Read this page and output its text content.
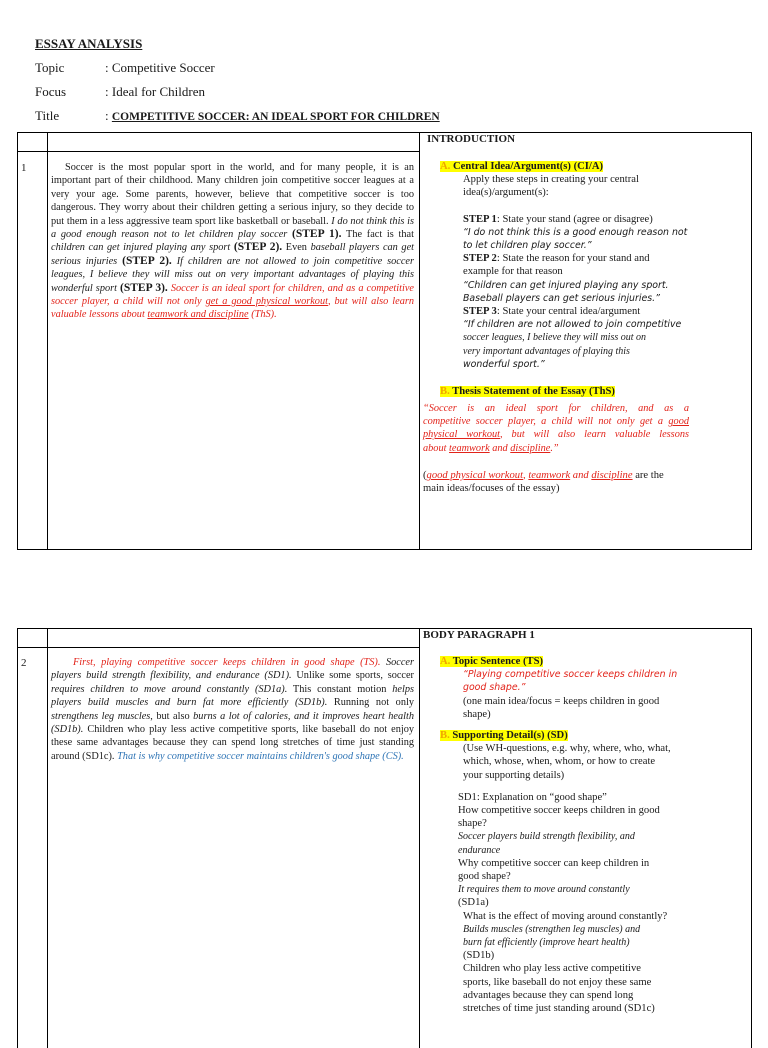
ESSAY ANALYSIS
Topic	: Competitive Soccer
Focus	: Ideal for Children
Title	: COMPETITIVE SOCCER: AN IDEAL SPORT FOR CHILDREN
INTRODUCTION
1	Soccer is the most popular sport in the world, and for many people, it is an important part of their childhood. Many children join competitive soccer leagues at a very your age. Some parents, however, believe that competitive soccer is too dangerous. They worry about their children getting a serious injury, so they decide to put them in a less aggressive team sport like basketball or baseball. I do not think this is a good enough reason not to let children play soccer (STEP 1). The fact is that children can get injured playing any sport (STEP 2). Even baseball players can get serious injuries (STEP 2). If children are not allowed to join competitive soccer leagues, I believe they will miss out on very important advantages of playing this wonderful sport (STEP 3). Soccer is an ideal sport for children, and as a competitive soccer player, a child will not only get a good physical workout, but will also learn valuable lessons about teamwork and discipline (ThS).

A. Central Idea/Argument(s) (CI/A)
Apply these steps in creating your central
idea(s)/argument(s):
STEP 1: State your stand (agree or disagree)
“I do not think this is a good enough reason not
to let children play soccer.”
STEP 2: State the reason for your stand and
example for that reason
“Children can get injured playing any sport.
Baseball players can get serious injuries.”
STEP 3: State your central idea/argument
“If children are not allowed to join competitive
soccer leagues, I believe they will miss out on
very important advantages of playing this
wonderful sport.”
B. Thesis Statement of the Essay (ThS)
“Soccer is an ideal sport for children, and as a
competitive soccer player, a child will not only get a good
physical workout, but will also learn valuable lessons
about teamwork and discipline.”
(good physical workout, teamwork and discipline are the
main ideas/focuses of the essay)
BODY PARAGRAPH 1
2	First, playing competitive soccer keeps children in good shape (TS). Soccer players build strength flexibility, and endurance (SD1). Unlike some sports, soccer requires children to move around constantly (SD1a). This constant motion helps players build muscles and burn fat more efficiently (SD1b). Running not only strengthens leg muscles, but also burns a lot of calories, and it improves heart health (SD1b). Children who play less active competitive sports, like baseball do not enjoy these same advantages because they can spend long stretches of time just standing around (SD1c). That is why competitive soccer maintains children's good shape (CS).

A. Topic Sentence (TS)
“Playing competitive soccer keeps children in
good shape.”
(one main idea/focus = keeps children in good
shape)
B. Supporting Detail(s) (SD)
(Use WH-questions, e.g. why, where, who, what,
which, whose, when, whom, or how to create
your supporting details)
SD1: Explanation on “good shape”
How competitive soccer keeps children in good
shape?
Soccer players build strength flexibility, and
endurance
Why competitive soccer can keep children in
good shape?
It requires them to move around constantly
(SD1a)
What is the effect of moving around constantly?
Builds muscles (strengthen leg muscles) and
burn fat efficiently (improve heart health)
(SD1b)
Children who play less active competitive
sports, like baseball do not enjoy these same
advantages because they can spend long
stretches of time just standing around (SD1c)
